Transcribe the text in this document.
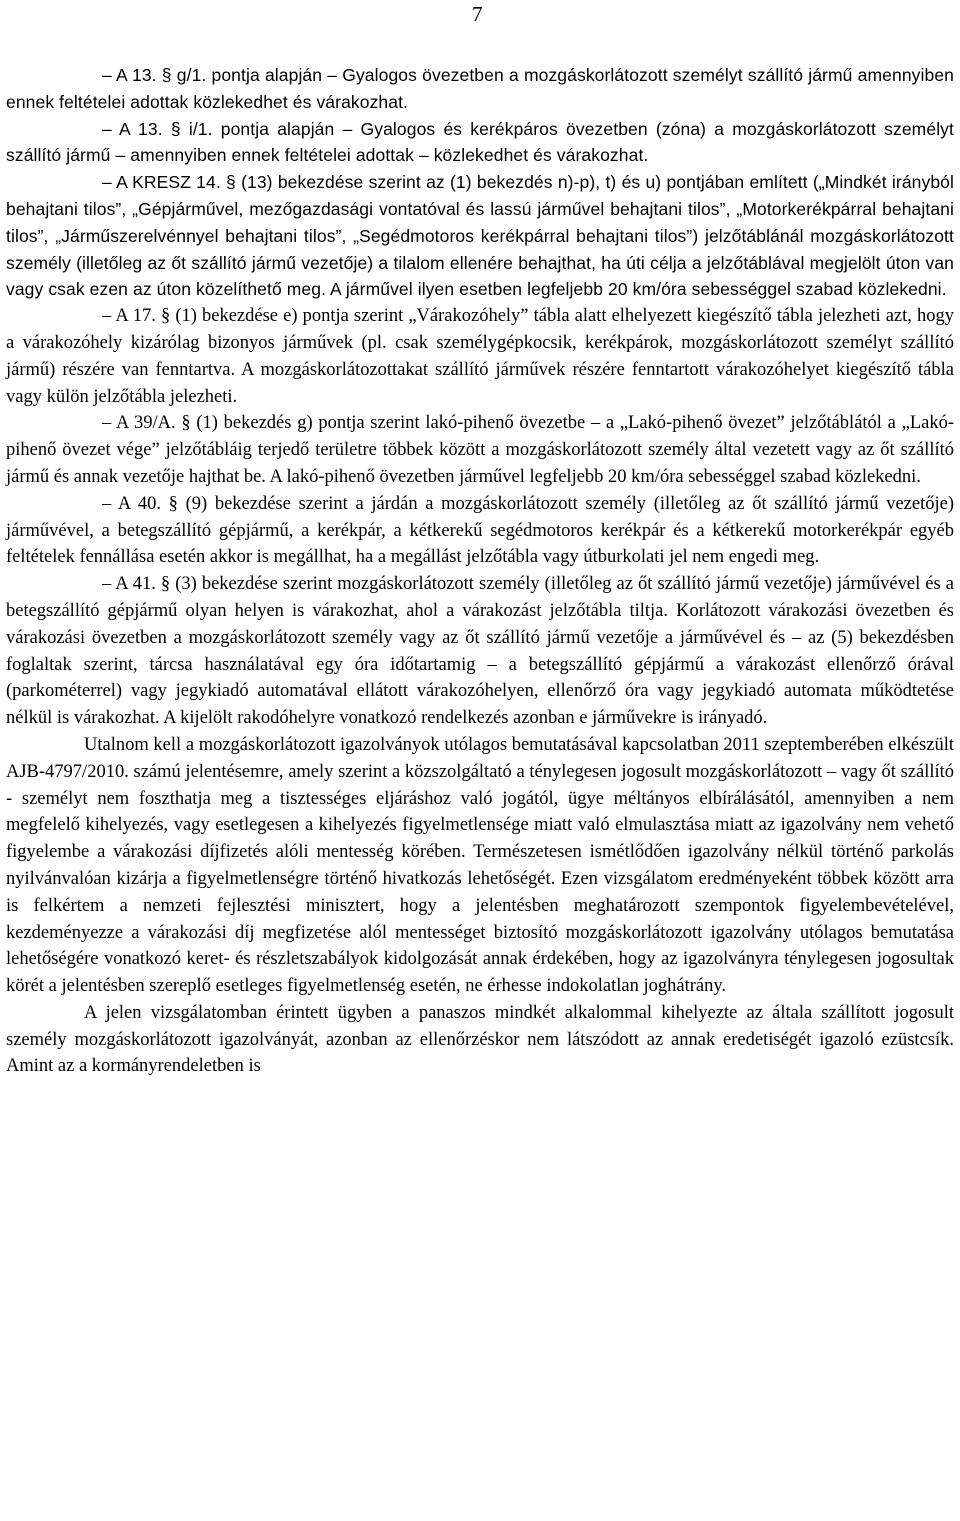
7

– A 13. § g/1. pontja alapján – Gyalogos övezetben a mozgáskorlátozott személyt szállító jármű amennyiben ennek feltételei adottak közlekedhet és várakozhat.

– A 13. § i/1. pontja alapján – Gyalogos és kerékpáros övezetben (zóna) a mozgáskorlátozott személyt szállító jármű – amennyiben ennek feltételei adottak – közlekedhet és várakozhat.

– A KRESZ 14. § (13) bekezdése szerint az (1) bekezdés n)-p), t) és u) pontjában említett („Mindkét irányból behajtani tilos”, „Gépjárművel, mezőgazdasági vontatóval és lassú járművel behajtani tilos”, „Motorkerékpárral behajtani tilos”, „Járműszerelvénnyel behajtani tilos”, „Segédmotoros kerékpárral behajtani tilos”) jelzőtáblánál mozgáskorlátozott személy (illetőleg az őt szállító jármű vezetője) a tilalom ellenére behajthat, ha úti célja a jelzőtáblával megjelölt úton van vagy csak ezen az úton közelíthető meg. A járművel ilyen esetben legfeljebb 20 km/óra sebességgel szabad közlekedni.

– A 17. § (1) bekezdése e) pontja szerint „Várakozóhely” tábla alatt elhelyezett kiegészítő tábla jelezheti azt, hogy a várakozóhely kizárólag bizonyos járművek (pl. csak személygépkocsik, kerékpárok, mozgáskorlátozott személyt szállító jármű) részére van fenntartva. A mozgáskorlátozottakat szállító járművek részére fenntartott várakozóhelyet kiegészítő tábla vagy külön jelzőtábla jelezheti.

– A 39/A. § (1) bekezdés g) pontja szerint lakó-pihenő övezetbe – a „Lakó-pihenő övezet” jelzőtáblától a „Lakó-pihenő övezet vége” jelzőtábláig terjedő területre többek között a mozgáskorlátozott személy által vezetett vagy az őt szállító jármű és annak vezetője hajthat be. A lakó-pihenő övezetben járművel legfeljebb 20 km/óra sebességgel szabad közlekedni.

– A 40. § (9) bekezdése szerint a járdán a mozgáskorlátozott személy (illetőleg az őt szállító jármű vezetője) járművével, a betegszállító gépjármű, a kerékpár, a kétkerekű segédmotoros kerékpár és a kétkerekű motorkerékpár egyéb feltételek fennállása esetén akkor is megállhat, ha a megállást jelzőtábla vagy útburkolati jel nem engedi meg.

– A 41. § (3) bekezdése szerint mozgáskorlátozott személy (illetőleg az őt szállító jármű vezetője) járművével és a betegszállító gépjármű olyan helyen is várakozhat, ahol a várakozást jelzőtábla tiltja. Korlátozott várakozási övezetben és várakozási övezetben a mozgáskorlátozott személy vagy az őt szállító jármű vezetője a járművével és – az (5) bekezdésben foglaltak szerint, tárcsa használatával egy óra időtartamig – a betegszállító gépjármű a várakozást ellenőrző órával (parkométerrel) vagy jegykiadó automatával ellátott várakozóhelyen, ellenőrző óra vagy jegykiadó automata működtetése nélkül is várakozhat. A kijelölt rakodóhelyre vonatkozó rendelkezés azonban e járművekre is irányadó.

Utalnom kell a mozgáskorlátozott igazolványok utólagos bemutatásával kapcsolatban 2011 szeptemberében elkészült AJB-4797/2010. számú jelentésemre, amely szerint a közszolgáltató a ténylegesen jogosult mozgáskorlátozott – vagy őt szállító - személyt nem foszthatja meg a tisztességes eljáráshoz való jogától, ügye méltányos elbírálásától, amennyiben a nem megfelelő kihelyezés, vagy esetlegesen a kihelyezés figyelmetlensége miatt való elmulasztása miatt az igazolvány nem vehető figyelembe a várakozási díjfizetés alóli mentesség körében. Természetesen ismétlődően igazolvány nélkül történő parkolás nyilvánvalóan kizárja a figyelmetlenségre történő hivatkozás lehetőségét. Ezen vizsgálatom eredményeként többek között arra is felkértem a nemzeti fejlesztési minisztert, hogy a jelentésben meghatározott szempontok figyelembevételével, kezdeményezze a várakozási díj megfizetése alól mentességet biztosító mozgáskorlátozott igazolvány utólagos bemutatása lehetőségére vonatkozó keret- és részletszabályok kidolgozását annak érdekében, hogy az igazolványra ténylegesen jogosultak körét a jelentésben szereplő esetleges figyelmetlenség esetén, ne érhesse indokolatlan joghátrány.

A jelen vizsgálatomban érintett ügyben a panaszos mindkét alkalommal kihelyezte az általa szállított jogosult személy mozgáskorlátozott igazolványát, azonban az ellenőrzéskor nem látszódott az annak eredetiségét igazoló ezüstcsík. Amint az a kormányrendeletben is
